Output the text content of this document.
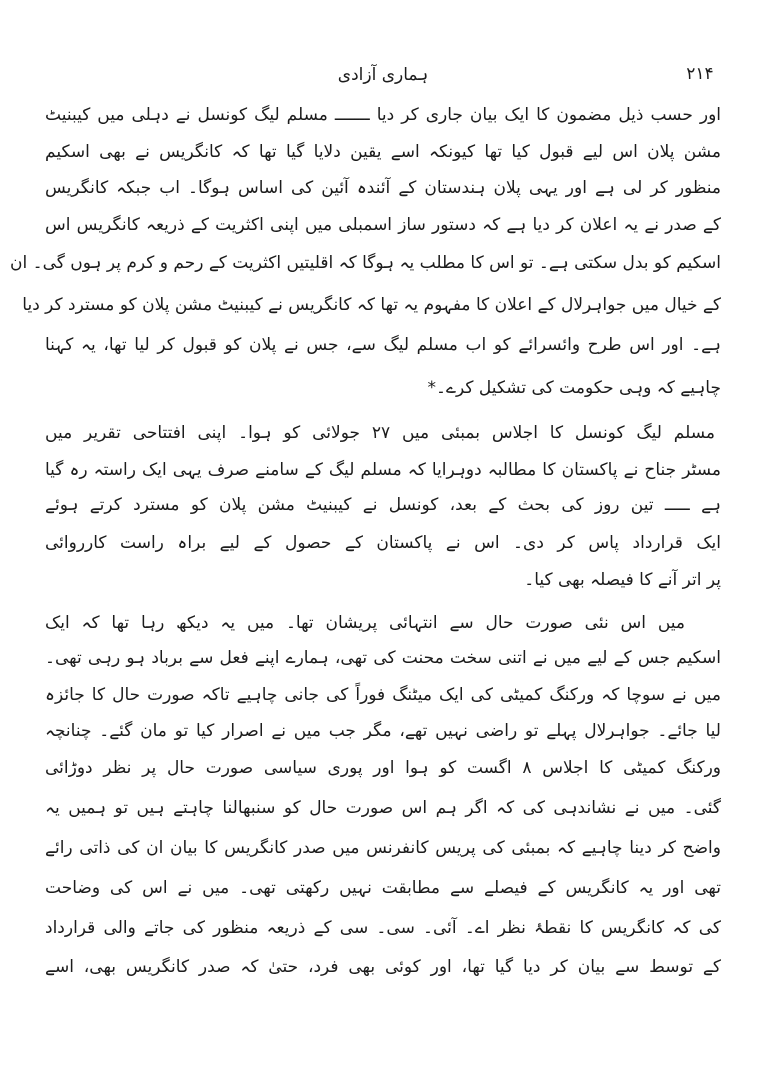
ہماری آزادی	۲۱۴
اور حسب ذیل مضمون کا ایک بیان جاری کر دیا ـــــــ مسلم لیگ کونسل نے دہلی میں کیبنیٹ
مشن پلان اس لیے قبول کیا تھا کیونکہ اسے یقین دلایا گیا تھا کہ کانگریس نے بھی اسکیم
منظور کر لی ہے اور یہی پلان ہندستان کے آئندہ آئین کی اساس ہوگا۔ اب جبکہ کانگریس
کے صدر نے یہ اعلان کر دیا ہے کہ دستور ساز اسمبلی میں اپنی اکثریت کے ذریعہ کانگریس اس
اسکیم کو بدل سکتی ہے۔ تو اس کا مطلب یہ ہوگا کہ اقلیتیں اکثریت کے رحم و کرم پر ہوں گی۔ ان
کے خیال میں جواہرلال کے اعلان کا مفہوم یہ تھا کہ کانگریس نے کیبنیٹ مشن پلان کو مسترد کر دیا
ہے۔ اور اس طرح وائسرائے کو اب مسلم لیگ سے، جس نے پلان کو قبول کر لیا تھا، یہ کہنا
چاہیے کہ وہی حکومت کی تشکیل کرے۔*
مسلم لیگ کونسل کا اجلاس بمبئی میں ۲۷ جولائی کو ہوا۔ اپنی افتتاحی تقریر میں
مسٹر جناح نے پاکستان کا مطالبہ دوہرایا کہ مسلم لیگ کے سامنے صرف یہی ایک راستہ رہ گیا
ہے ـــــ تین روز کی بحث کے بعد، کونسل نے کیبنیٹ مشن پلان کو مسترد کرتے ہوئے
ایک قرارداد پاس کر دی۔ اس نے پاکستان کے حصول کے لیے براہ راست کارروائی
پر اتر آنے کا فیصلہ بھی کیا۔
میں اس نئی صورت حال سے انتہائی پریشان تھا۔ میں یہ دیکھ رہا تھا کہ ایک
اسکیم جس کے لیے میں نے اتنی سخت محنت کی تھی، ہمارے اپنے فعل سے برباد ہو رہی تھی۔
میں نے سوچا کہ ورکنگ کمیٹی کی ایک میٹنگ فوراً کی جانی چاہیے تاکہ صورت حال کا جائزہ
لیا جائے۔ جواہرلال پہلے تو راضی نہیں تھے، مگر جب میں نے اصرار کیا تو مان گئے۔ چنانچہ
ورکنگ کمیٹی کا اجلاس ۸ اگست کو ہوا اور پوری سیاسی صورت حال پر نظر دوڑائی
گئی۔ میں نے نشاندہی کی کہ اگر ہم اس صورت حال کو سنبھالنا چاہتے ہیں تو ہمیں یہ
واضح کر دینا چاہیے کہ بمبئی کی پریس کانفرنس میں صدر کانگریس کا بیان ان کی ذاتی رائے
تھی اور یہ کانگریس کے فیصلے سے مطابقت نہیں رکھتی تھی۔ میں نے اس کی وضاحت
کی کہ کانگریس کا نقطۂ نظر اے۔ آئی۔ سی۔ سی کے ذریعہ منظور کی جاتے والی قرارداد
کے توسط سے بیان کر دیا گیا تھا، اور کوئی بھی فرد، حتیٰ کہ صدر کانگریس بھی، اسے
